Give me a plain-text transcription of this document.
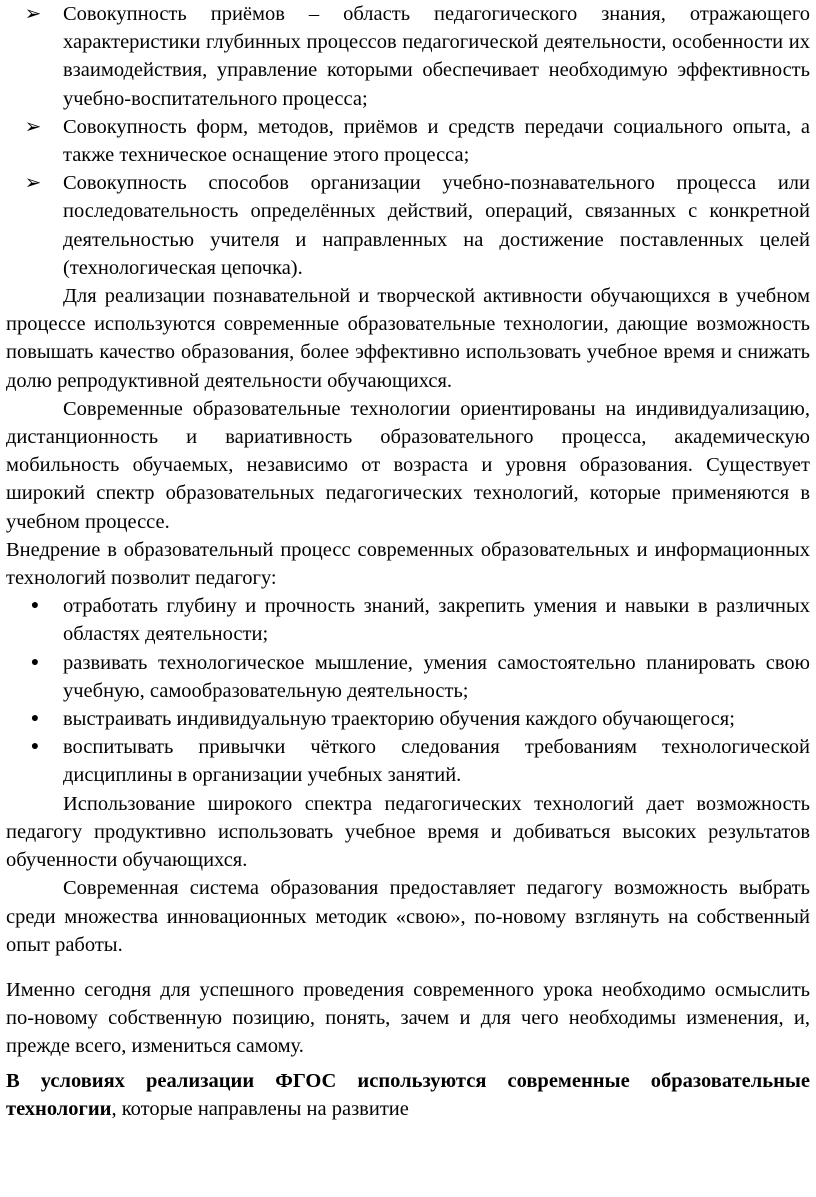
➢	Совокупность приёмов – область педагогического знания, отражающего характеристики глубинных процессов педагогической деятельности, особенности их взаимодействия, управление которыми обеспечивает необходимую эффективность учебно-воспитательного процесса;
➢	Совокупность форм, методов, приёмов и средств передачи социального опыта, а также техническое оснащение этого процесса;
➢	Совокупность способов организации учебно-познавательного процесса или последовательность определённых действий, операций, связанных с конкретной деятельностью учителя и направленных на достижение поставленных целей (технологическая цепочка).

Для реализации познавательной и творческой активности обучающихся в учебном процессе используются современные образовательные технологии, дающие возможность повышать качество образования, более эффективно использовать учебное время и снижать долю репродуктивной деятельности обучающихся.

Современные образовательные технологии ориентированы на индивидуализацию, дистанционность и вариативность образовательного процесса, академическую мобильность обучаемых, независимо от возраста и уровня образования. Существует широкий спектр образовательных педагогических технологий, которые применяются в учебном процессе.

Внедрение в образовательный процесс современных образовательных и информационных технологий позволит педагогу:

●	отработать глубину и прочность знаний, закрепить умения и навыки в различных областях деятельности;
●	развивать технологическое мышление, умения самостоятельно планировать свою учебную, самообразовательную деятельность;
●	выстраивать индивидуальную траекторию обучения каждого обучающегося;
●	воспитывать привычки чёткого следования требованиям технологической дисциплины в организации учебных занятий.

Использование широкого спектра педагогических технологий дает возможность педагогу продуктивно использовать учебное время и добиваться высоких результатов обученности обучающихся.

Современная система образования предоставляет педагогу возможность выбрать среди множества инновационных методик «свою», по-новому взглянуть на собственный опыт работы.

Именно сегодня для успешного проведения современного урока необходимо осмыслить по-новому собственную позицию, понять, зачем и для чего необходимы изменения, и, прежде всего, измениться самому.

В условиях реализации ФГОС используются современные образовательные технологии, которые направлены на развитие
